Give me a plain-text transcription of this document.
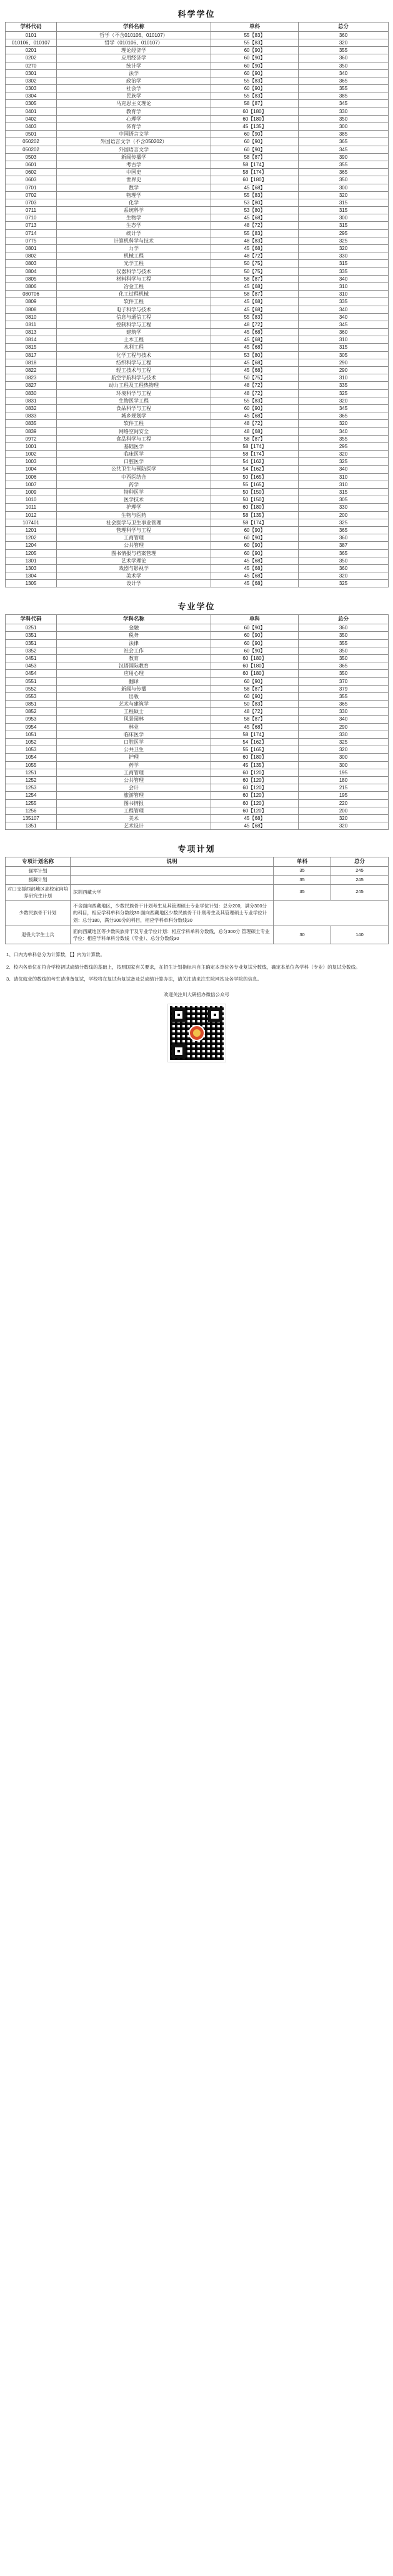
科学学位
学科代码	学科名称	单科	总分
0101	哲学（不含010106、010107）	55【83】	360
010106、010107	哲学（010106、010107）	55【83】	320
0201	理论经济学	60【90】	355
0202	应用经济学	60【90】	360
0270	统计学	60【90】	350
0301	法学	60【90】	340
0302	政治学	55【83】	365
0303	社会学	60【90】	355
0304	民族学	55【83】	385
0305	马克思主义理论	58【87】	345
0401	教育学	60【180】	330
0402	心理学	60【180】	350
0403	体育学	45【135】	300
0501	中国语言文学	60【90】	385
050202	外国语言文学（不含050202）	60【90】	365
050202	外国语言文学	60【90】	345
0503	新闻传播学	58【87】	390
0601	考古学	58【174】	355
0602	中国史	58【174】	365
0603	世界史	60【180】	350
0701	数学	45【68】	300
0702	物理学	55【83】	320
0703	化学	53【80】	315
0711	系统科学	53【80】	315
0710	生物学	45【68】	300
0713	生态学	48【72】	315
0714	统计学	55【83】	295
0775	计算机科学与技术	48【83】	325
0801	力学	45【68】	320
0802	机械工程	48【72】	330
0803	光学工程	50【75】	315
0804	仪器科学与技术	50【75】	335
0805	材料科学与工程	58【87】	340
0806	冶金工程	45【68】	310
080706	化工过程机械	58【87】	310
0809	软件工程	45【68】	335
0808	电子科学与技术	45【68】	340
0810	信息与通信工程	55【83】	340
0811	控制科学与工程	48【72】	345
0813	建筑学	45【68】	360
0814	土木工程	45【68】	310
0815	水利工程	45【68】	315
0817	化学工程与技术	53【80】	305
0818	纺织科学与工程	45【68】	290
0822	轻工技术与工程	45【68】	290
0823	航空宇航科学与技术	50【75】	310
0827	动力工程及工程热物理	48【72】	335
0830	环境科学与工程	48【72】	325
0831	生物医学工程	55【83】	320
0832	食品科学与工程	60【90】	345
0833	城乡规划学	45【68】	365
0835	软件工程	48【72】	320
0839	网络空间安全	48【68】	340
0972	食品科学与工程	58【87】	355
1001	基础医学	58【174】	295
1002	临床医学	58【174】	320
1003	口腔医学	54【162】	325
1004	公共卫生与预防医学	54【162】	340
1006	中西医结合	50【165】	310
1007	药学	55【165】	310
1009	特种医学	50【150】	315
1010	医学技术	50【150】	305
1011	护理学	60【180】	330
1012	生物与医药	58【135】	200
107401	社会医学与卫生事业管理	58【174】	325
1201	管理科学与工程	60【90】	365
1202	工商管理	60【90】	360
1204	公共管理	60【90】	387
1205	图书情报与档案管理	60【90】	365
1301	艺术学理论	45【68】	350
1303	戏剧与影视学	45【68】	360
1304	美术学	45【68】	320
1305	设计学	45【68】	325
专业学位
学科代码	学科名称	单科	总分
0251	金融	60【90】	360
0351	税务	60【90】	350
0351	法律	60【90】	355
0352	社会工作	60【90】	350
0451	教育	60【180】	350
0453	汉语国际教育	60【180】	365
0454	应用心理	60【180】	350
0551	翻译	60【90】	370
0552	新闻与传播	58【87】	379
0553	出版	60【90】	355
0851	艺术与建筑学	50【83】	365
0852	工程硕士	48【72】	330
0953	风景园林	58【87】	340
0954	林业	45【68】	290
1051	临床医学	58【174】	330
1052	口腔医学	54【162】	325
1053	公共卫生	55【165】	320
1054	护理	60【180】	300
1055	药学	45【135】	300
1251	工商管理	60【120】	195
1252	公共管理	60【120】	180
1253	会计	60【120】	215
1254	旅游管理	60【120】	195
1255	图书情报	60【120】	220
1256	工程管理	60【120】	200
135107	美术	45【68】	320
1351	艺术设计	45【68】	320
专项计划
专项计划名称	说明	单科	总分
强军计划		35	245
援藏计划		35	245
对口支援西部地区高校定向培养研究生计划	深圳西藏大学	35	245
少数民族骨干计划	不含面向西藏地区，少数民族骨干计划考生及其管理硕士专业学位计划：总分200，满分300分的科目，相应学科单科分数线30 面向西藏地区少数民族骨干计划考生及其管理硕士专业学位计划：总分180，满分300分的科目，相应学科单科分数线30		
退役大学生士兵	面向西藏地区等少数民族骨干及专业学位计划：相应学科单科分数线，总分300分 管理硕士专业学位：相应学科单科分数线（专业）、总分分数线30	30	140

1、口内为单科总分为计算数，【】内为计算数。

2、校内各单位在符合学校初试成绩分数线的基础上，按照国家有关要求，在招生计划指标内自主确定本单位各专业复试分数线，确定本单位各学科（专业）的复试分数线。

3、请优就业的数线的考生请准备复试，学校将在复试有复试备及总成绩计算办法，请关注请来注生院网站及各学院的信息。

欢迎关注川大研招办微信公众号
